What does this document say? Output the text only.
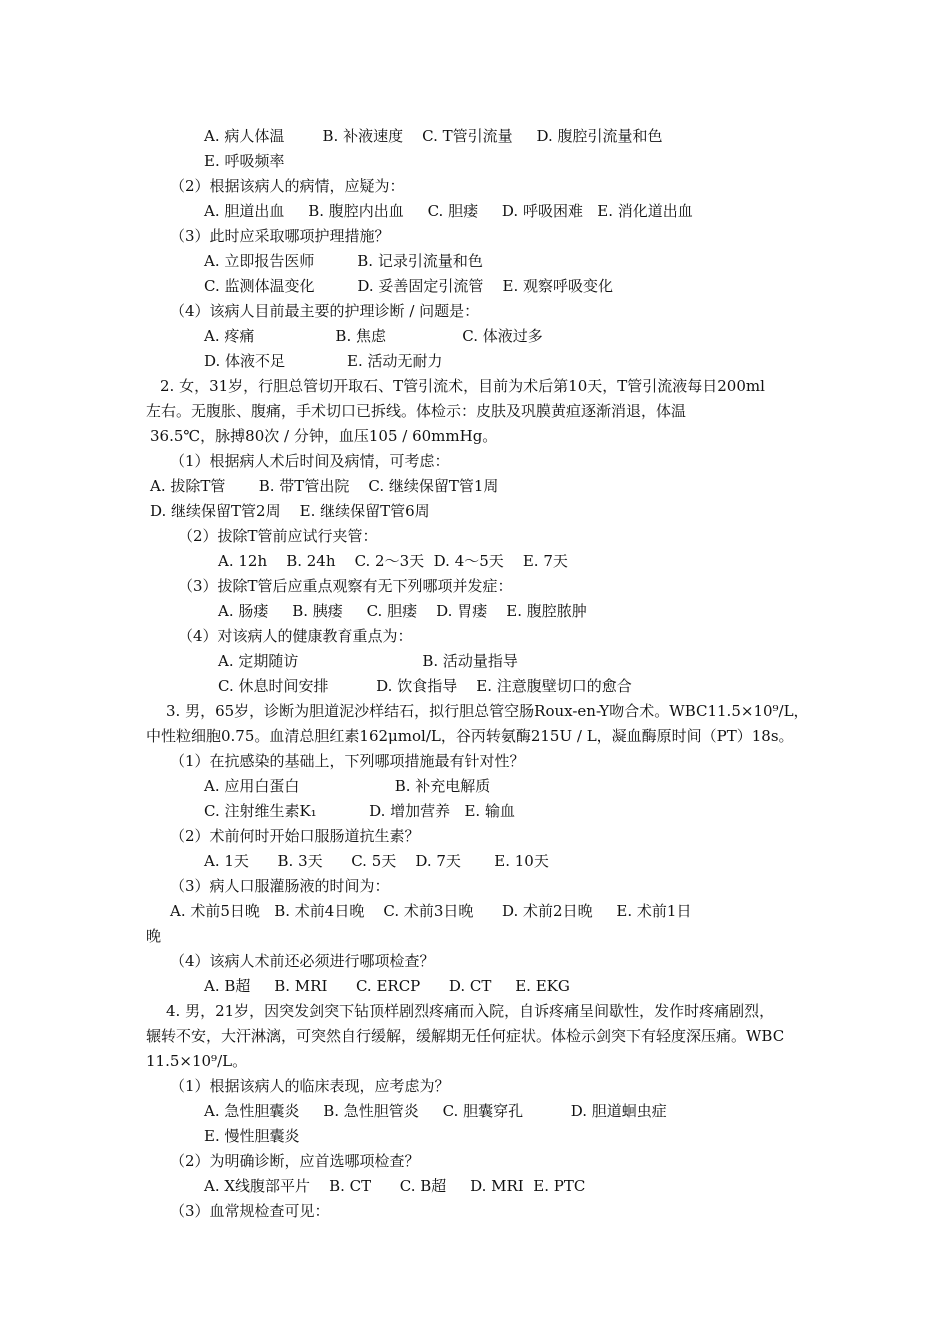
A. 病人体温        B. 补液速度    C. T管引流量     D. 腹腔引流量和色
E. 呼吸频率
（2）根据该病人的病情，应疑为：
A. 胆道出血     B. 腹腔内出血     C. 胆瘘     D. 呼吸困难   E. 消化道出血
（3）此时应采取哪项护理措施？
A. 立即报告医师         B. 记录引流量和色
C. 监测体温变化         D. 妥善固定引流管    E. 观察呼吸变化
（4）该病人目前最主要的护理诊断 / 问题是：
A. 疼痛                 B. 焦虑                C. 体液过多
D. 体液不足             E. 活动无耐力
2. 女，31岁，行胆总管切开取石、T管引流术，目前为术后第10天，T管引流液每日200ml
左右。无腹胀、腹痛，手术切口已拆线。体检示：皮肤及巩膜黄疸逐渐消退，体温
36.5℃，脉搏80次 / 分钟，血压105 / 60mmHg。
（1）根据病人术后时间及病情，可考虑：
A. 拔除T管       B. 带T管出院    C. 继续保留T管1周
D. 继续保留T管2周    E. 继续保留T管6周
（2）拔除T管前应试行夹管：
A. 12h    B. 24h    C. 2～3天  D. 4～5天    E. 7天
（3）拔除T管后应重点观察有无下列哪项并发症：
A. 肠瘘     B. 胰瘘     C. 胆瘘    D. 胃瘘    E. 腹腔脓肿
（4）对该病人的健康教育重点为：
A. 定期随访                          B. 活动量指导
C. 休息时间安排          D. 饮食指导    E. 注意腹壁切口的愈合
3. 男，65岁，诊断为胆道泥沙样结石，拟行胆总管空肠Roux-en-Y吻合术。WBC11.5×10⁹/L，
中性粒细胞0.75。血清总胆红素162μmol/L，谷丙转氨酶215U / L，凝血酶原时间（PT）18s。
（1）在抗感染的基础上，下列哪项措施最有针对性？
A. 应用白蛋白                    B. 补充电解质
C. 注射维生素K₁           D. 增加营养   E. 输血
（2）术前何时开始口服肠道抗生素？
A. 1天      B. 3天      C. 5天    D. 7天       E. 10天
（3）病人口服灌肠液的时间为：
A. 术前5日晚   B. 术前4日晚    C. 术前3日晚      D. 术前2日晚     E. 术前1日
晚
（4）该病人术前还必须进行哪项检查？
A. B超     B. MRI      C. ERCP      D. CT     E. EKG
4. 男，21岁，因突发剑突下钻顶样剧烈疼痛而入院，自诉疼痛呈间歇性，发作时疼痛剧烈，
辗转不安，大汗淋漓，可突然自行缓解，缓解期无任何症状。体检示剑突下有轻度深压痛。WBC
11.5×10⁹/L。
（1）根据该病人的临床表现，应考虑为？
A. 急性胆囊炎     B. 急性胆管炎     C. 胆囊穿孔          D. 胆道蛔虫症
E. 慢性胆囊炎
（2）为明确诊断，应首选哪项检查？
A. X线腹部平片    B. CT      C. B超     D. MRI  E. PTC
（3）血常规检查可见：
